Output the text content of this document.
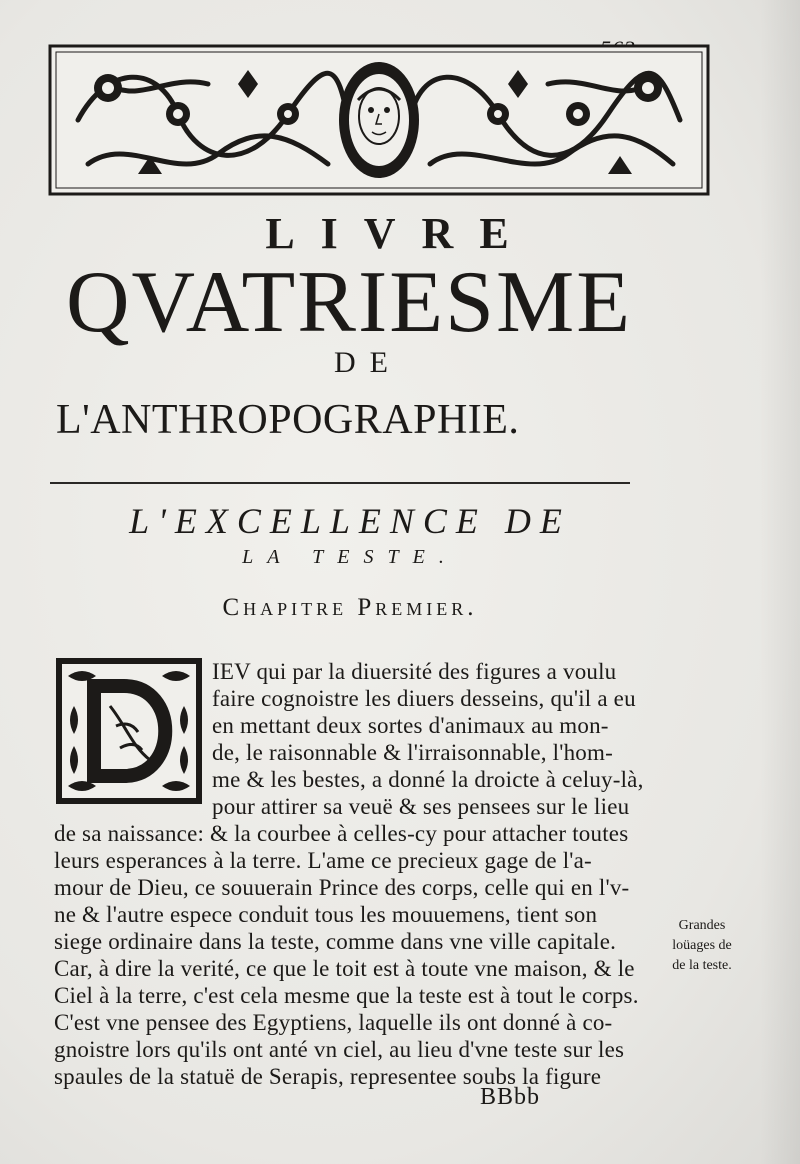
LIVRE
QVATRIESME
DE
L'ANTHROPOGRAPHIE.
L'EXCELLENCE DE
LA TESTE.
Chapitre Premier.
IEV qui par la diuersité des figures a voulu
faire cognoistre les diuers desseins, qu'il a eu
en mettant deux sortes d'animaux au mon-
de, le raisonnable & l'irraisonnable, l'hom-
me & les bestes, a donné la droicte à celuy-là,
pour attirer sa veuë & ses pensees sur le lieu
de sa naissance: & la courbee à celles-cy pour attacher toutes
leurs esperances à la terre. L'ame ce precieux gage de l'a-
mour de Dieu, ce souuerain Prince des corps, celle qui en l'v-
ne & l'autre espece conduit tous les mouuemens, tient son
siege ordinaire dans la teste, comme dans vne ville capitale.
Car, à dire la verité, ce que le toit est à toute vne maison, & le
Ciel à la terre, c'est cela mesme que la teste est à tout le corps.
C'est vne pensee des Egyptiens, laquelle ils ont donné à co-
gnoistre lors qu'ils ont anté vn ciel, au lieu d'vne teste sur les
spaules de la statuë de Serapis, representee soubs la figure
Grandes
loüages de
de la teste.
BBbb
